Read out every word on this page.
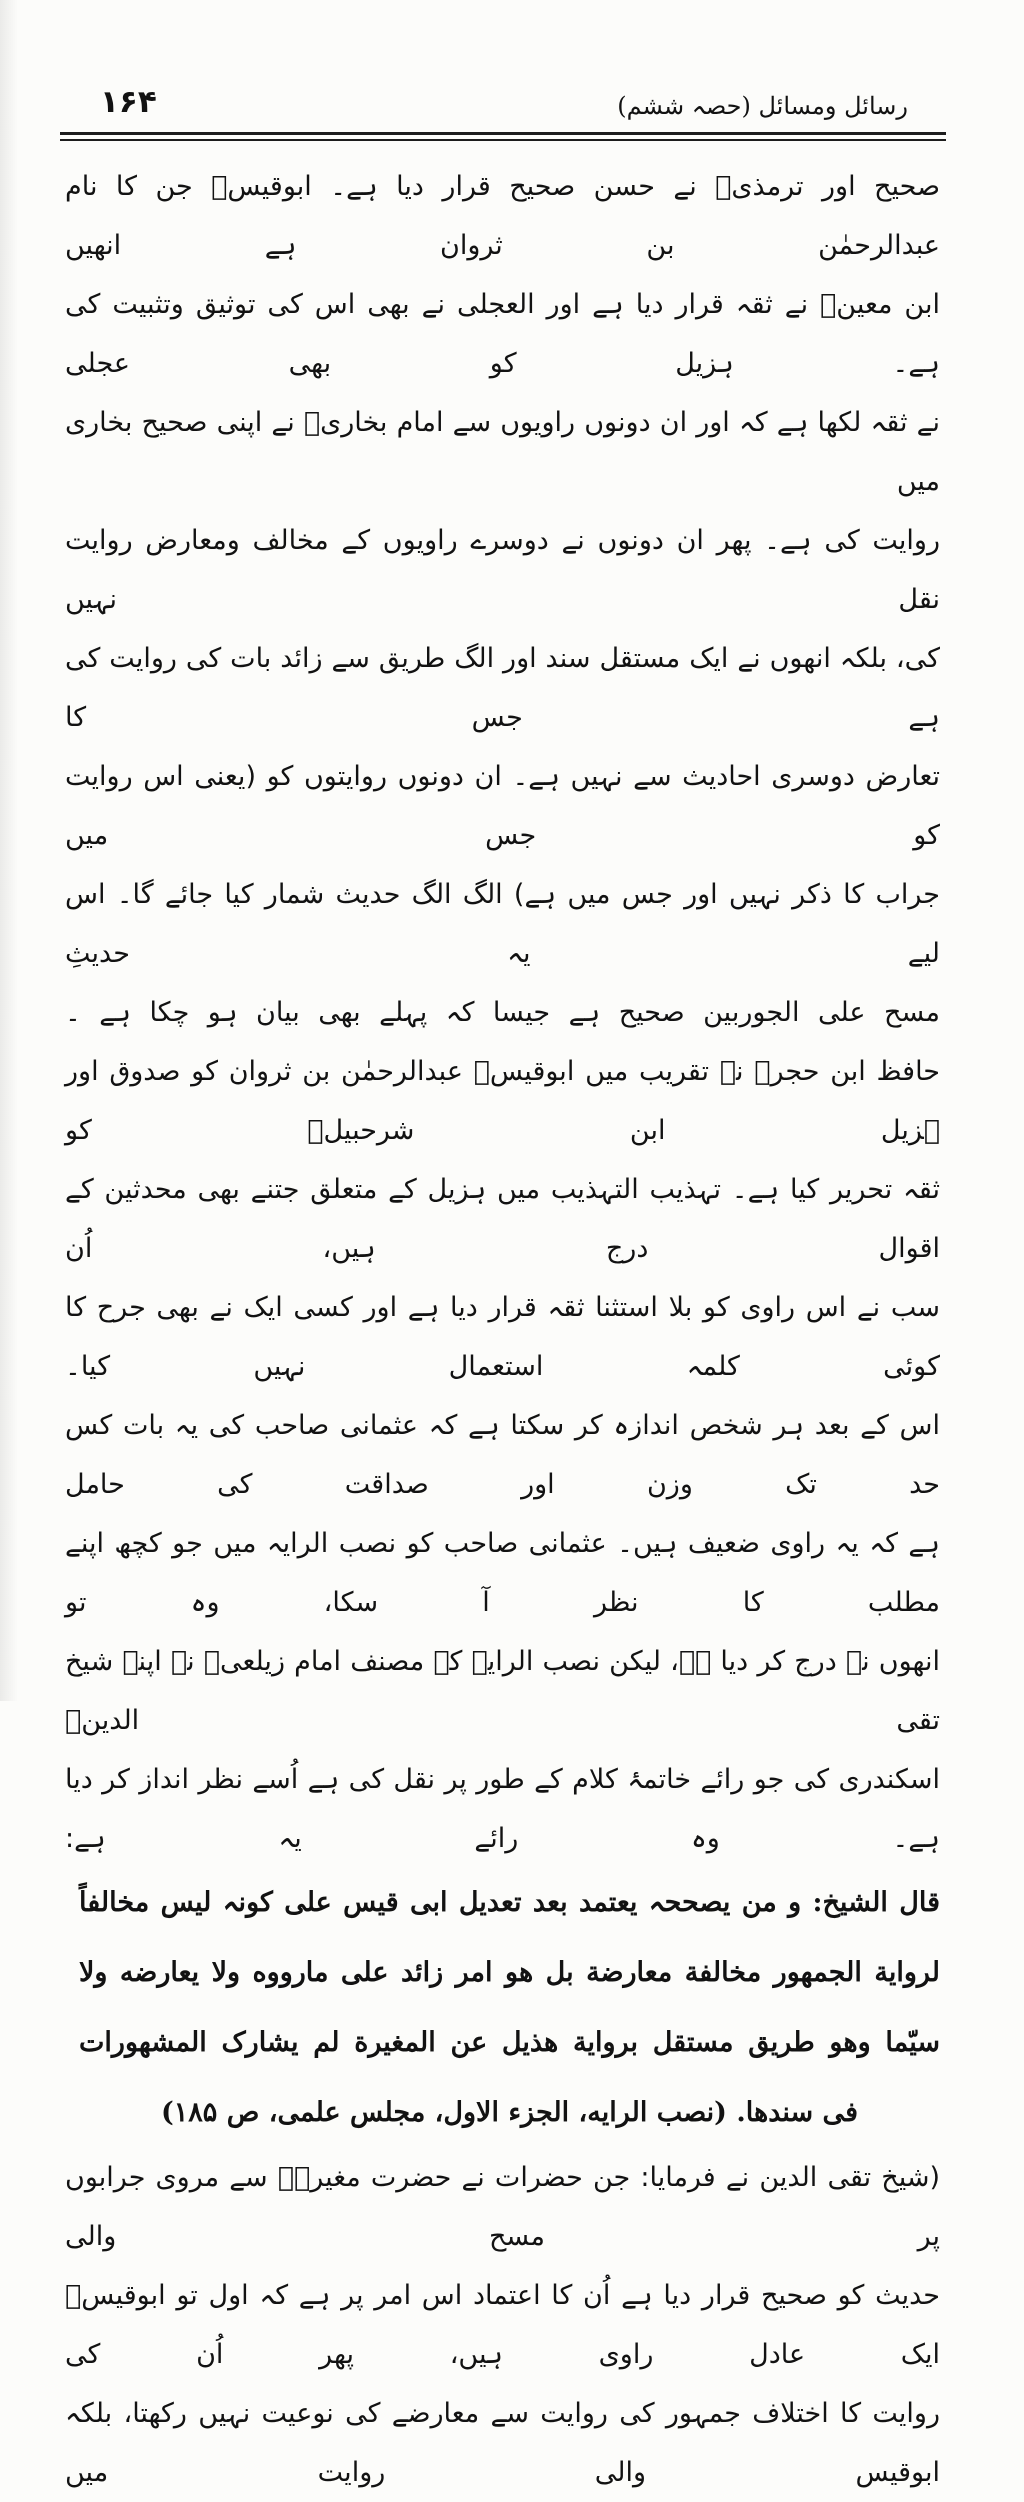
۱۶۴	رسائل ومسائل (حصہ ششم)
صحیح اور ترمذیؒ نے حسن صحیح قرار دیا ہے۔ ابوقیسؒ جن کا نام عبدالرحمٰن بن ثروان ہے انھیں
ابن معینؒ نے ثقہ قرار دیا ہے اور العجلی نے بھی اس کی توثیق وتثبیت کی ہے۔ ہزیل کو بھی عجلی
نے ثقہ لکھا ہے کہ اور ان دونوں راویوں سے امام بخاریؒ نے اپنی صحیح بخاری میں
روایت کی ہے۔ پھر ان دونوں نے دوسرے راویوں کے مخالف ومعارض روایت نقل نہیں
کی، بلکہ انھوں نے ایک مستقل سند اور الگ طریق سے زائد بات کی روایت کی ہے جس کا
تعارض دوسری احادیث سے نہیں ہے۔ ان دونوں روایتوں کو (یعنی اس روایت کو جس میں
جراب کا ذکر نہیں اور جس میں ہے) الگ الگ حدیث شمار کیا جائے گا۔ اس لیے یہ حدیثِ
مسح علی الجوربین صحیح ہے جیسا کہ پہلے بھی بیان ہو چکا ہے ۔
حافظ ابن حجرؒ نے تقریب میں ابوقیسؒ عبدالرحمٰن بن ثروان کو صدوق اور ہزیل ابن شرحبیلؒ کو
ثقہ تحریر کیا ہے۔ تہذیب التہذیب میں ہزیل کے متعلق جتنے بھی محدثین کے اقوال درج ہیں، اُن
سب نے اس راوی کو بلا استثنا ثقہ قرار دیا ہے اور کسی ایک نے بھی جرح کا کوئی کلمہ استعمال نہیں کیا۔
اس کے بعد ہر شخص اندازہ کر سکتا ہے کہ عثمانی صاحب کی یہ بات کس حد تک وزن اور صداقت کی حامل
ہے کہ یہ راوی ضعیف ہیں۔ عثمانی صاحب کو نصب الرایہ میں جو کچھ اپنے مطلب کا نظر آ سکا، وہ تو
انھوں نے درج کر دیا ہے، لیکن نصب الرایہ کے مصنف امام زیلعیؒ نے اپنے شیخ تقی الدینؒ
اسکندری کی جو رائے خاتمۂ کلام کے طور پر نقل کی ہے اُسے نظر انداز کر دیا ہے۔ وہ رائے یہ ہے:
قال الشیخ: و من یصححہ یعتمد بعد تعدیل ابی قیس علی کونہ لیس مخالفاً
لروایة الجمهور مخالفة معارضة بل هو امر زائد علی مارووه ولا یعارضه ولا
سیّما وهو طریق مستقل بروایة هذیل عن المغیرة لم یشارک المشهورات
فی سندها. (نصب الرایه، الجزء الاول، مجلس علمی، ص ۱۸۵)
(شیخ تقی الدین نے فرمایا: جن حضرات نے حضرت مغیرہؓ سے مروی جرابوں پر مسح والی
حدیث کو صحیح قرار دیا ہے اُن کا اعتماد اس امر پر ہے کہ اول تو ابوقیسؒ ایک عادل راوی ہیں، پھر اُن کی
روایت کا اختلاف جمہور کی روایت سے معارضے کی نوعیت نہیں رکھتا، بلکہ ابوقیس والی روایت میں
